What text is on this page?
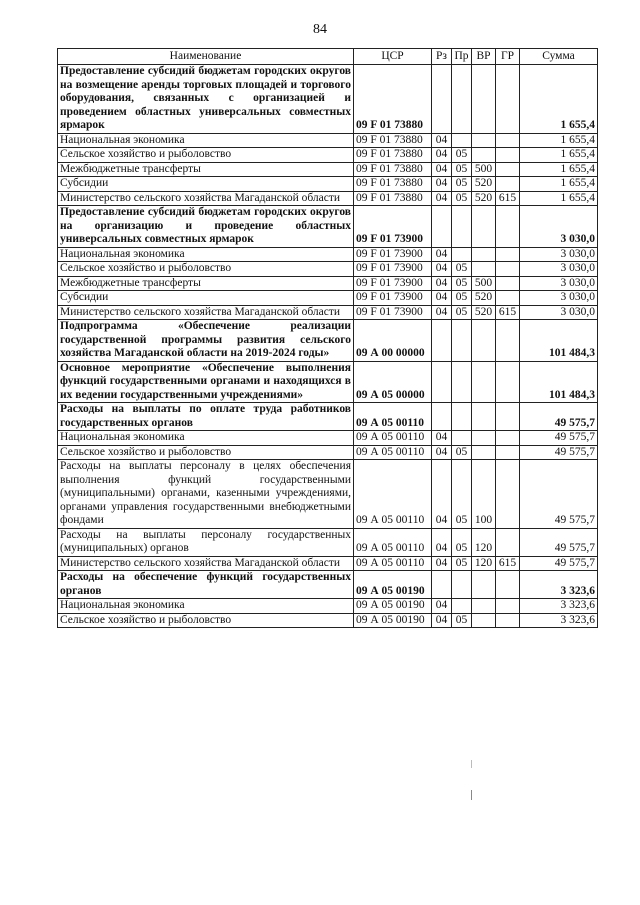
84
Наименование	ЦСР	Рз	Пр	ВР	ГР	Сумма
Предоставление субсидий бюджетам городских округов на возмещение аренды торговых площадей и торгового оборудования, связанных с организацией и проведением областных универсальных совместных ярмарок	09 F 01 73880					1 655,4
Национальная экономика	09 F 01 73880	04				1 655,4
Сельское хозяйство и рыболовство	09 F 01 73880	04	05			1 655,4
Межбюджетные трансферты	09 F 01 73880	04	05	500		1 655,4
Субсидии	09 F 01 73880	04	05	520		1 655,4
Министерство сельского хозяйства Магаданской области	09 F 01 73880	04	05	520	615	1 655,4
Предоставление субсидий бюджетам городских округов на организацию и проведение областных универсальных совместных ярмарок	09 F 01 73900					3 030,0
Национальная экономика	09 F 01 73900	04				3 030,0
Сельское хозяйство и рыболовство	09 F 01 73900	04	05			3 030,0
Межбюджетные трансферты	09 F 01 73900	04	05	500		3 030,0
Субсидии	09 F 01 73900	04	05	520		3 030,0
Министерство сельского хозяйства Магаданской области	09 F 01 73900	04	05	520	615	3 030,0
Подпрограмма «Обеспечение реализации государственной программы развития сельского хозяйства Магаданской области на 2019-2024 годы»	09 А 00 00000					101 484,3
Основное мероприятие «Обеспечение выполнения функций государственными органами и находящихся в их ведении государственными учреждениями»	09 А 05 00000					101 484,3
Расходы на выплаты по оплате труда работников государственных органов	09 А 05 00110					49 575,7
Национальная экономика	09 А 05 00110	04				49 575,7
Сельское хозяйство и рыболовство	09 А 05 00110	04	05			49 575,7
Расходы на выплаты персоналу в целях обеспечения выполнения функций государственными (муниципальными) органами, казенными учреждениями, органами управления государственными внебюджетными фондами	09 А 05 00110	04	05	100		49 575,7
Расходы на выплаты персоналу государственных (муниципальных) органов	09 А 05 00110	04	05	120		49 575,7
Министерство сельского хозяйства Магаданской области	09 А 05 00110	04	05	120	615	49 575,7
Расходы на обеспечение функций государственных органов	09 А 05 00190					3 323,6
Национальная экономика	09 А 05 00190	04				3 323,6
Сельское хозяйство и рыболовство	09 А 05 00190	04	05			3 323,6
